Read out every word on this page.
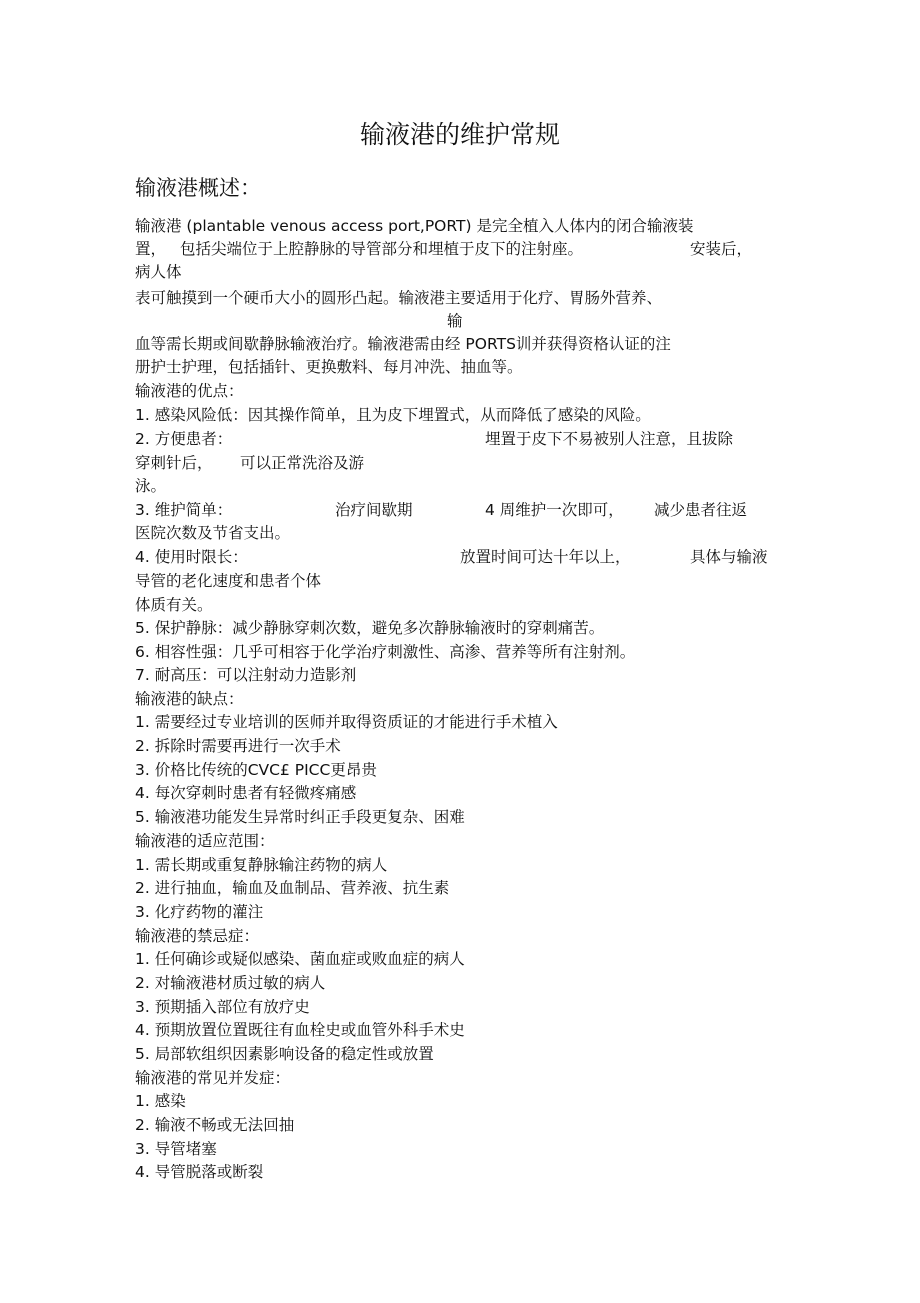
输液港的维护常规
输液港概述：

输液港 (plantable venous access port,PORT) 是完全植入人体内的闭合输液装

置，

包括尖端位于上腔静脉的导管部分和埋植于皮下的注射座。

	安装后，

病人体

表可触摸到一个硬币大小的圆形凸起。输液港主要适用于化疗、胃肠外营养、

输

血等需长期或间歇静脉输液治疗。输液港需由经 PORTS训并获得资格认证的注

册护士护理，包括插针、更换敷料、每月冲洗、抽血等。

输液港的优点：

1. 感染风险低：因其操作简单，且为皮下埋置式，从而降低了感染的风险。

2. 方便患者：

	埋置于皮下不易被别人注意，且拔除

穿刺针后，

可以正常洗浴及游

泳。

3. 维护简单：

	治疗间歇期

	4 周维护一次即可，

减少患者往返

医院次数及节省支出。

4. 使用时限长：

	放置时间可达十年以上，

	具体与输液

导管的老化速度和患者个体

体质有关。

5. 保护静脉：减少静脉穿刺次数，避免多次静脉输液时的穿刺痛苦。

6. 相容性强：几乎可相容于化学治疗刺激性、高渗、营养等所有注射剂。

7. 耐高压：可以注射动力造影剂

输液港的缺点：

1. 需要经过专业培训的医师并取得资质证的才能进行手术植入

2. 拆除时需要再进行一次手术

3. 价格比传统的CVC£ PICC更昂贵

4. 每次穿刺时患者有轻微疼痛感

5. 输液港功能发生异常时纠正手段更复杂、困难

输液港的适应范围：

1. 需长期或重复静脉输注药物的病人

2. 进行抽血，输血及血制品、营养液、抗生素

3. 化疗药物的灌注

输液港的禁忌症：

1. 任何确诊或疑似感染、菌血症或败血症的病人

2. 对输液港材质过敏的病人

3. 预期插入部位有放疗史

4. 预期放置位置既往有血栓史或血管外科手术史

5. 局部软组织因素影响设备的稳定性或放置

输液港的常见并发症：

1. 感染

2. 输液不畅或无法回抽

3. 导管堵塞

4. 导管脱落或断裂
